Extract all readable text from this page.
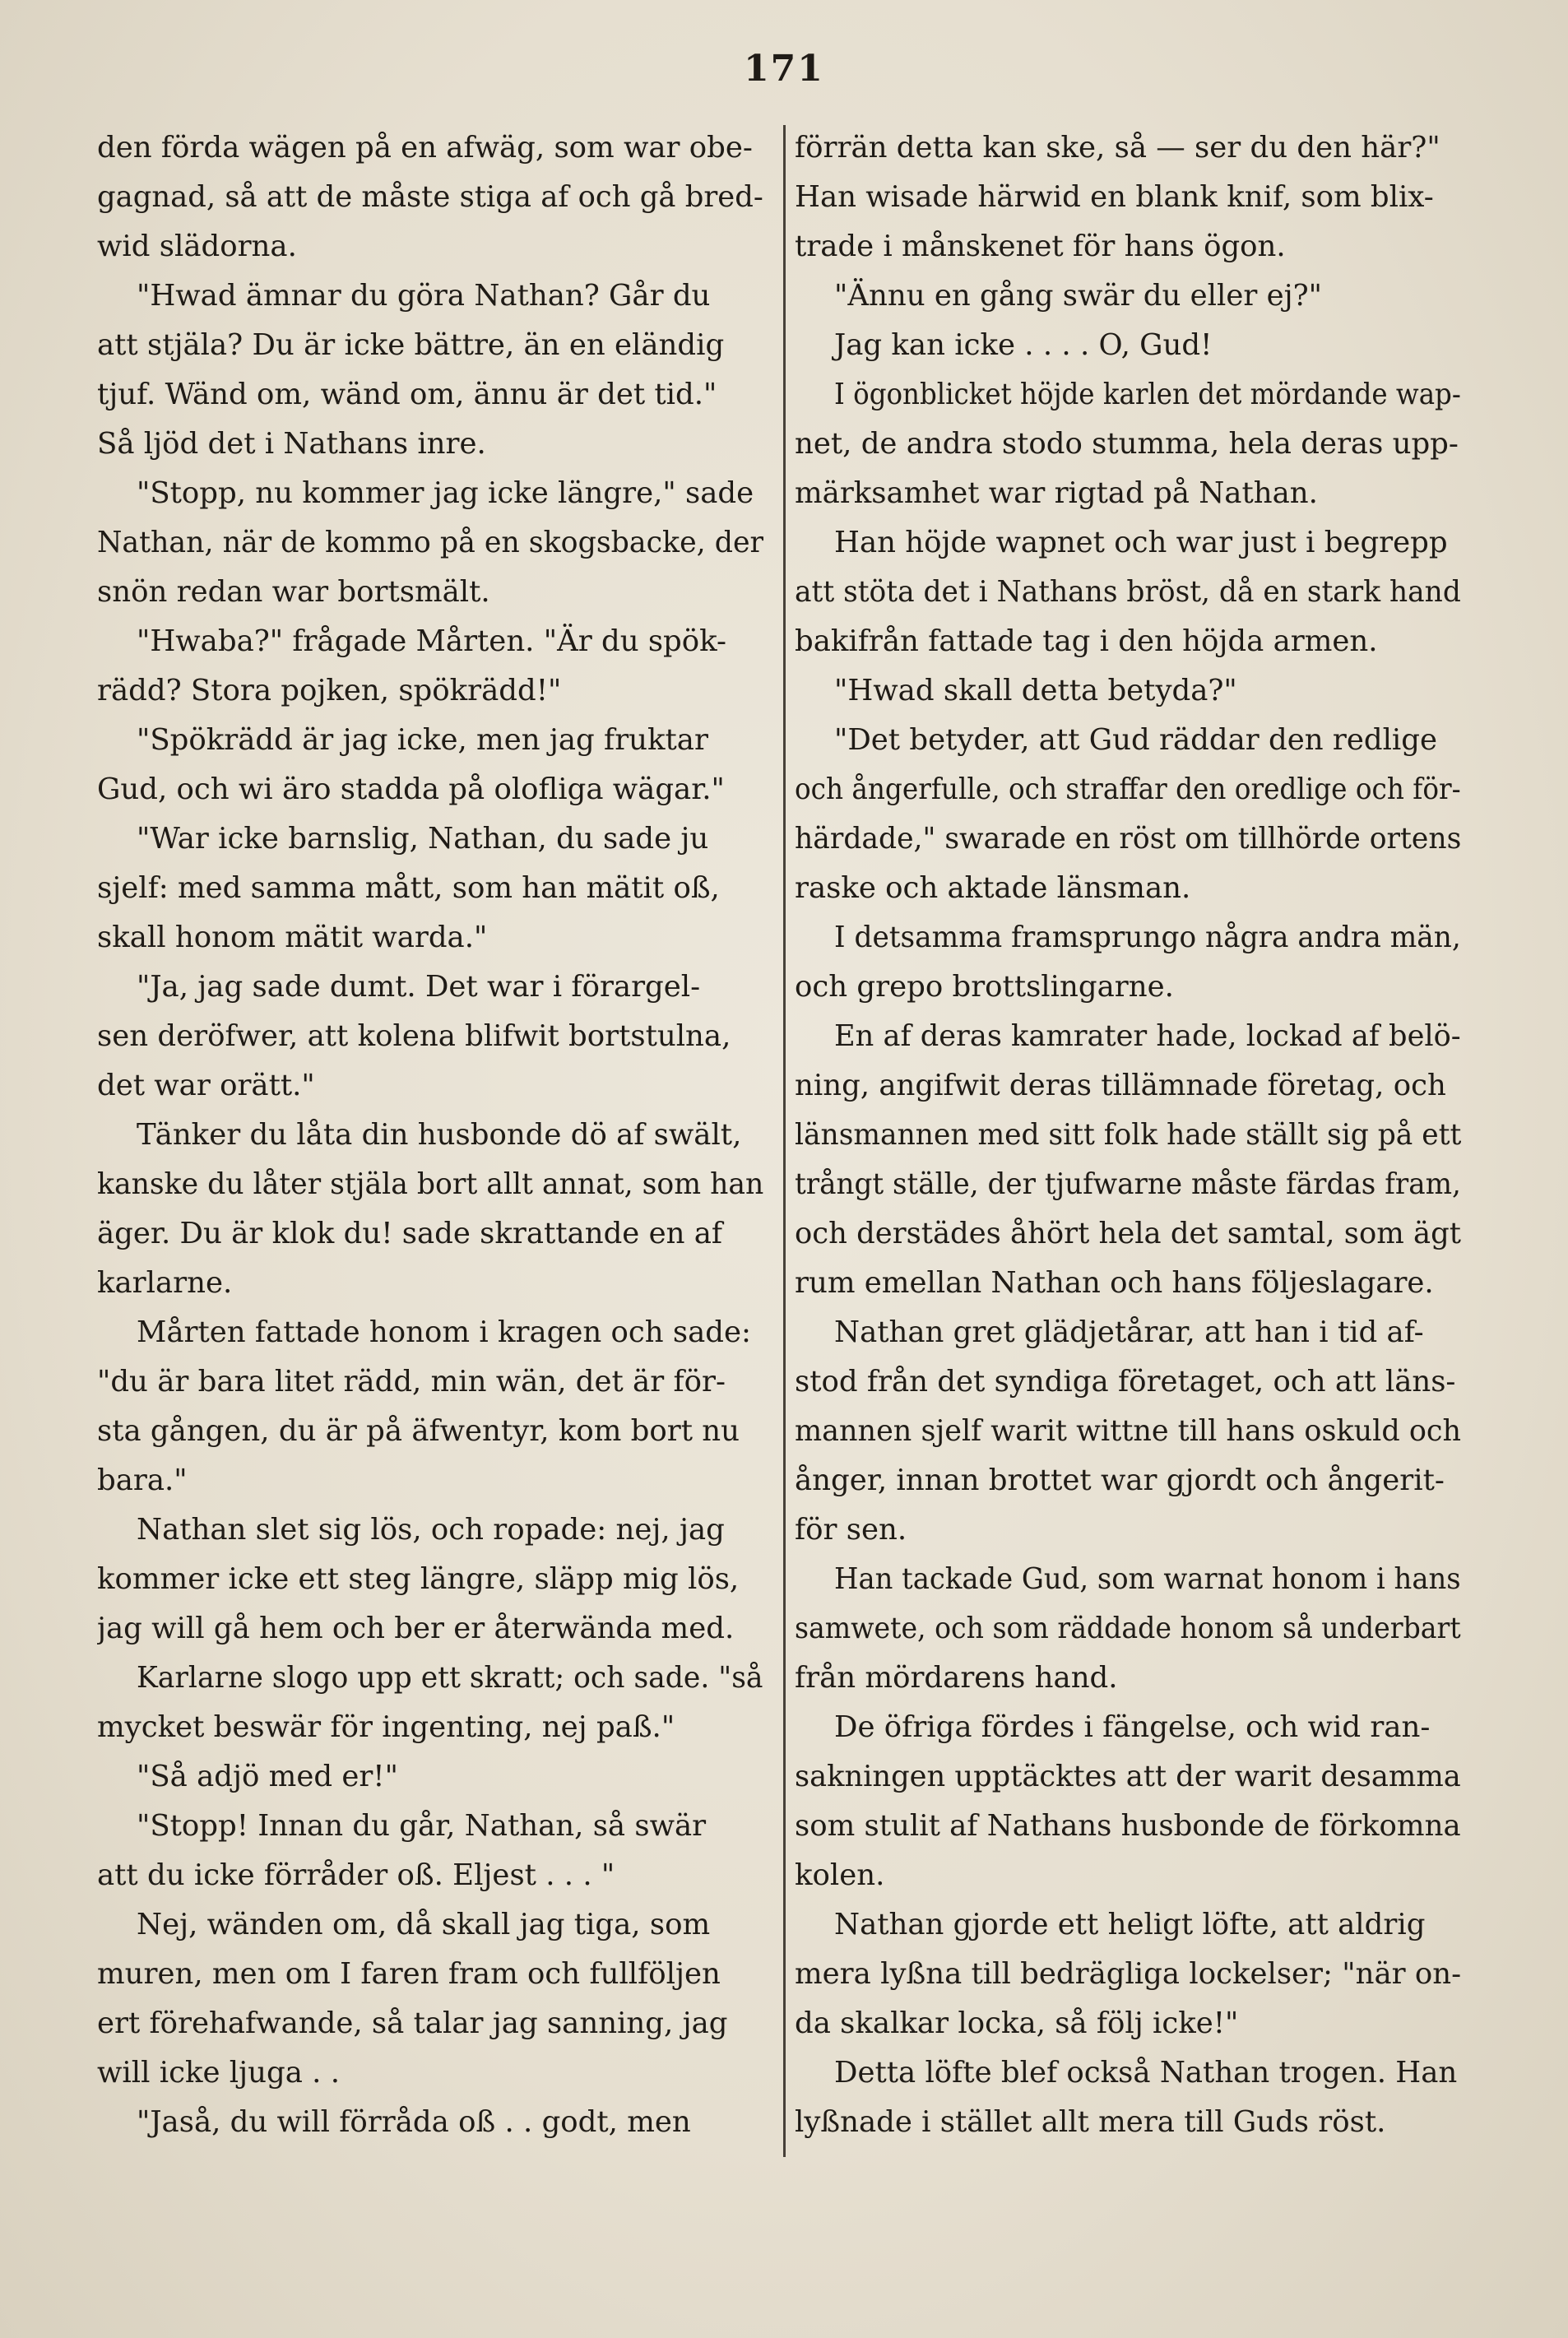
171
den förda wägen på en afwäg, som war obe-
gagnad, så att de måste stiga af och gå bred-
wid slädorna.
"Hwad ämnar du göra Nathan? Går du
att stjäla? Du är icke bättre, än en eländig
tjuf. Wänd om, wänd om, ännu är det tid."
Så ljöd det i Nathans inre.
"Stopp, nu kommer jag icke längre," sade
Nathan, när de kommo på en skogsbacke, der
snön redan war bortsmält.
"Hwaba?" frågade Mårten. "Är du spök-
rädd? Stora pojken, spökrädd!"
"Spökrädd är jag icke, men jag fruktar
Gud, och wi äro stadda på olofliga wägar."
"War icke barnslig, Nathan, du sade ju
sjelf: med samma mått, som han mätit oß,
skall honom mätit warda."
"Ja, jag sade dumt. Det war i förargel-
sen deröfwer, att kolena blifwit bortstulna,
det war orätt."
Tänker du låta din husbonde dö af swält,
kanske du låter stjäla bort allt annat, som han
äger. Du är klok du! sade skrattande en af
karlarne.
Mårten fattade honom i kragen och sade:
"du är bara litet rädd, min wän, det är för-
sta gången, du är på äfwentyr, kom bort nu
bara."
Nathan slet sig lös, och ropade: nej, jag
kommer icke ett steg längre, släpp mig lös,
jag will gå hem och ber er återwända med.
Karlarne slogo upp ett skratt; och sade. "så
mycket beswär för ingenting, nej paß."
"Så adjö med er!"
"Stopp! Innan du går, Nathan, så swär
att du icke förråder oß. Eljest . . . "
Nej, wänden om, då skall jag tiga, som
muren, men om I faren fram och fullföljen
ert förehafwande, så talar jag sanning, jag
will icke ljuga . .
"Jaså, du will förråda oß . . godt, men
förrän detta kan ske, så — ser du den här?"
Han wisade härwid en blank knif, som blix-
trade i månskenet för hans ögon.
"Ännu en gång swär du eller ej?"
Jag kan icke . . . . O, Gud!
I ögonblicket höjde karlen det mördande wap-
net, de andra stodo stumma, hela deras upp-
märksamhet war rigtad på Nathan.
Han höjde wapnet och war just i begrepp
att stöta det i Nathans bröst, då en stark hand
bakifrån fattade tag i den höjda armen.
"Hwad skall detta betyda?"
"Det betyder, att Gud räddar den redlige
och ångerfulle, och straffar den oredlige och för-
härdade," swarade en röst om tillhörde ortens
raske och aktade länsman.
I detsamma framsprungo några andra män,
och grepo brottslingarne.
En af deras kamrater hade, lockad af belö-
ning, angifwit deras tillämnade företag, och
länsmannen med sitt folk hade ställt sig på ett
trångt ställe, der tjufwarne måste färdas fram,
och derstädes åhört hela det samtal, som ägt
rum emellan Nathan och hans följeslagare.
Nathan gret glädjetårar, att han i tid af-
stod från det syndiga företaget, och att läns-
mannen sjelf warit wittne till hans oskuld och
ånger, innan brottet war gjordt och ångerit-
för sen.
Han tackade Gud, som warnat honom i hans
samwete, och som räddade honom så underbart
från mördarens hand.
De öfriga fördes i fängelse, och wid ran-
sakningen upptäcktes att der warit desamma
som stulit af Nathans husbonde de förkomna
kolen.
Nathan gjorde ett heligt löfte, att aldrig
mera lyßna till bedrägliga lockelser; "när on-
da skalkar locka, så följ icke!"
Detta löfte blef också Nathan trogen. Han
lyßnade i stället allt mera till Guds röst.
